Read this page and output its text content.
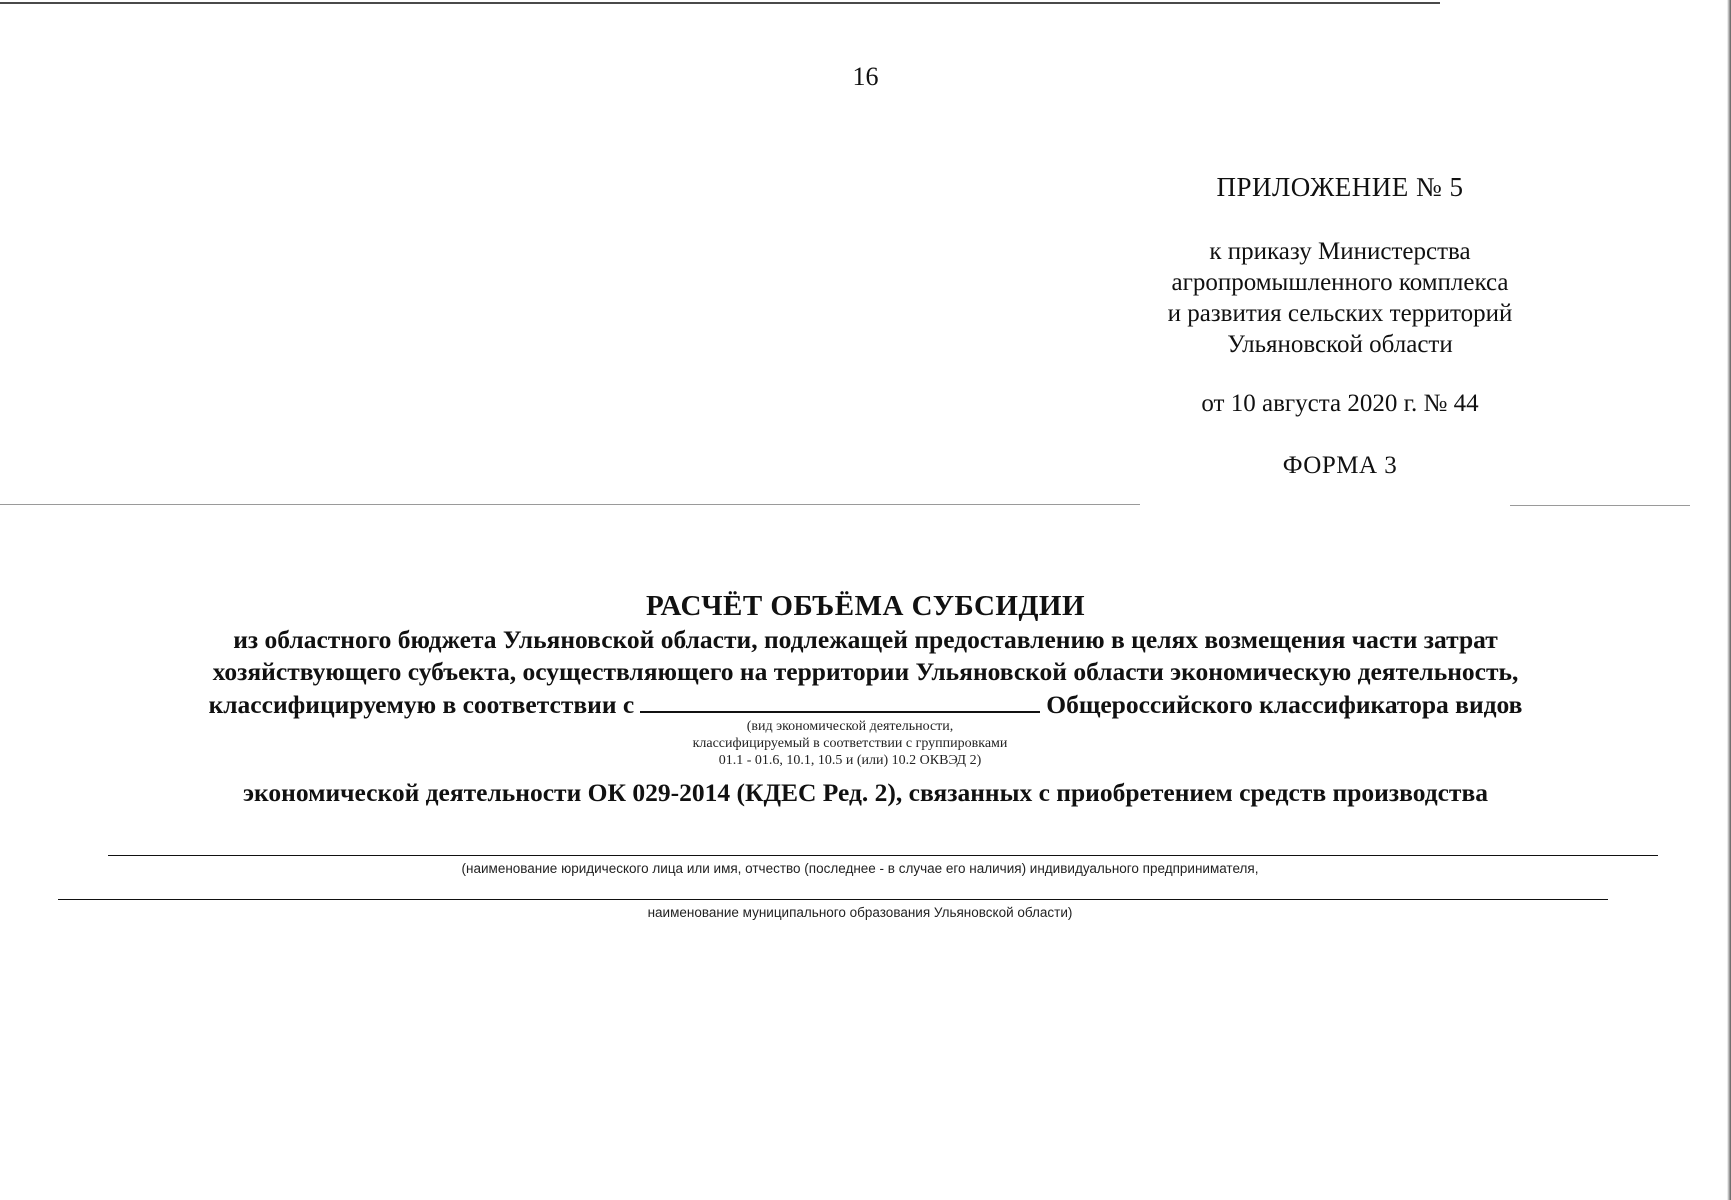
16
ПРИЛОЖЕНИЕ № 5
к приказу Министерства
агропромышленного комплекса
и развития сельских территорий
Ульяновской области
от 10 августа 2020 г. № 44
ФОРМА 3
РАСЧЁТ ОБЪЁМА СУБСИДИИ
из областного бюджета Ульяновской области, подлежащей предоставлению в целях возмещения части затрат
хозяйствующего субъекта, осуществляющего на территории Ульяновской области экономическую деятельность,
классифицируемую в соответствии с	Общероссийского классификатора видов
(вид экономической деятельности,
классифицируемый в соответствии с группировками
01.1 - 01.6, 10.1, 10.5 и (или) 10.2 ОКВЭД 2)
экономической деятельности ОК 029-2014 (КДЕС Ред. 2), связанных с приобретением средств производства
(наименование юридического лица или имя, отчество (последнее - в случае его наличия) индивидуального предпринимателя,
наименование муниципального образования Ульяновской области)
